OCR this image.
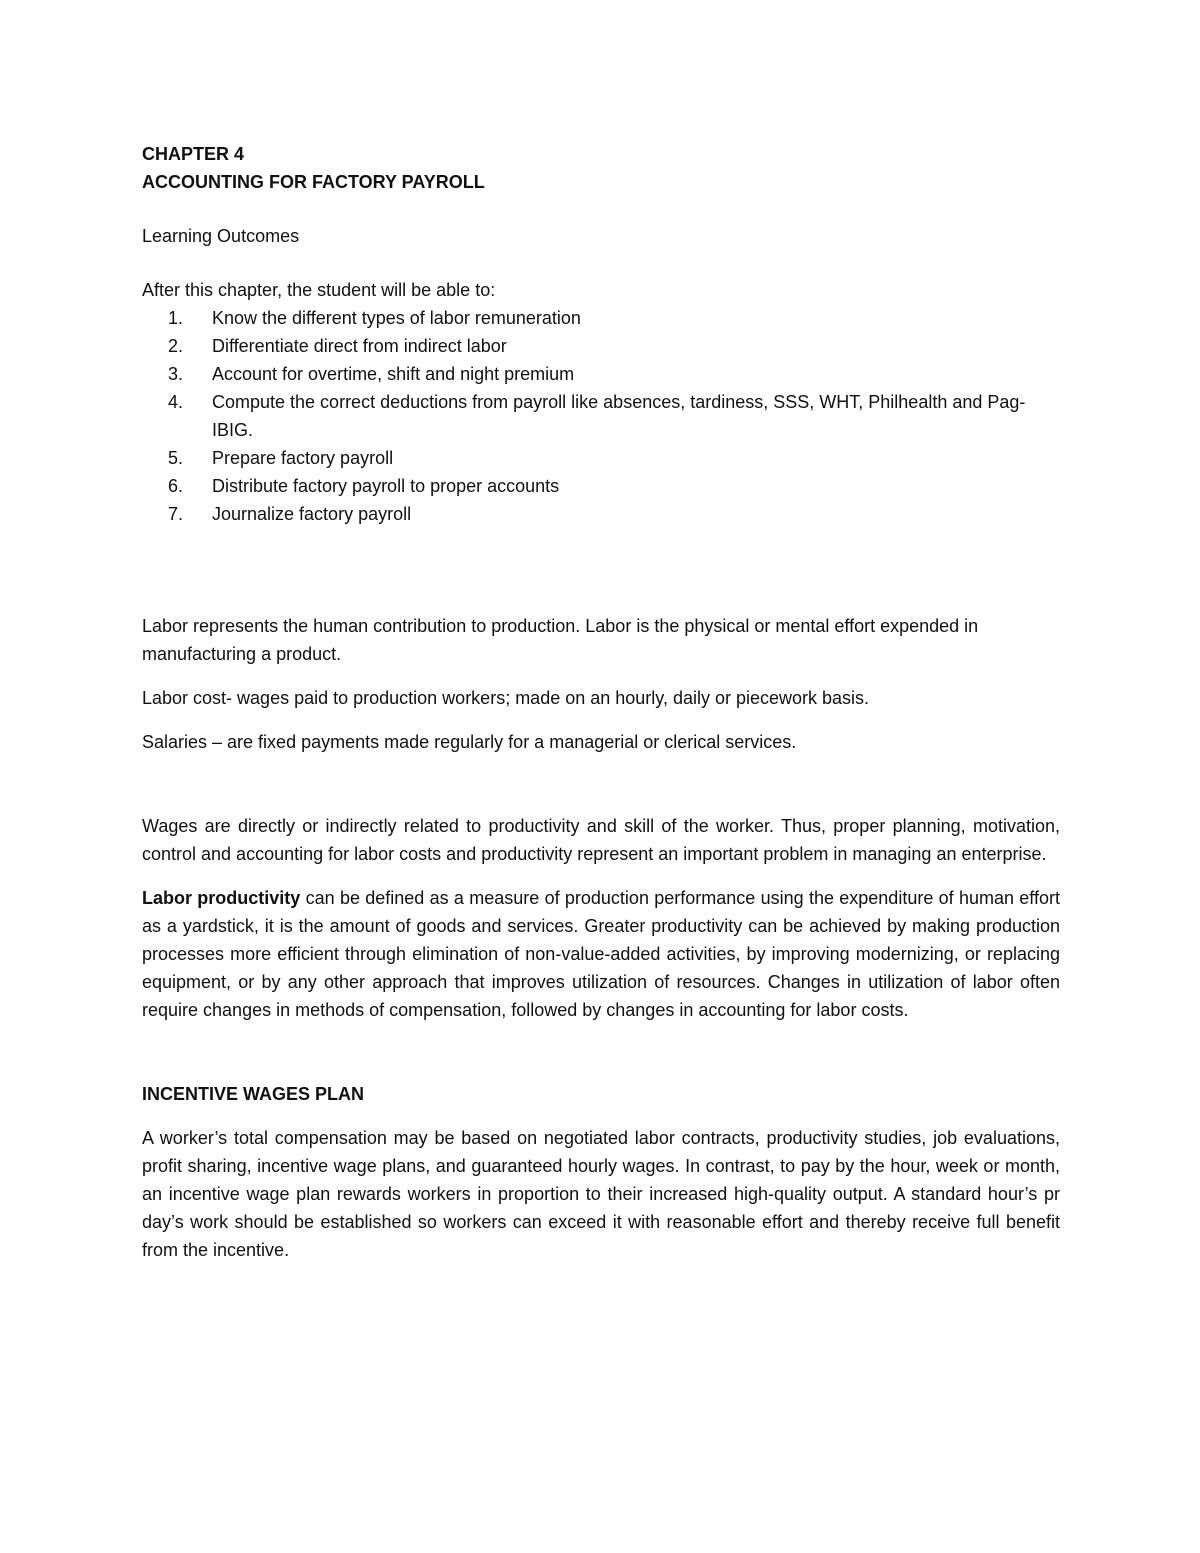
CHAPTER 4

ACCOUNTING FOR FACTORY PAYROLL

Learning Outcomes

After this chapter, the student will be able to:

1.	Know the different types of labor remuneration
2.	Differentiate direct from indirect labor
3.	Account for overtime, shift and night premium
4.	Compute the correct deductions from payroll like absences, tardiness, SSS, WHT, Philhealth and Pag-IBIG.
5.	Prepare factory payroll
6.	Distribute factory payroll to proper accounts
7.	Journalize factory payroll

Labor represents the human contribution to production. Labor is the physical or mental effort expended in manufacturing a product.

Labor cost- wages paid to production workers; made on an hourly, daily or piecework basis.

Salaries – are fixed payments made regularly for a managerial or clerical services.

Wages are directly or indirectly related to productivity and skill of the worker. Thus, proper planning, motivation, control and accounting for labor costs and productivity represent an important problem in managing an enterprise.

Labor productivity can be defined as a measure of production performance using the expenditure of human effort as a yardstick, it is the amount of goods and services. Greater productivity can be achieved by making production processes more efficient through elimination of non-value-added activities, by improving modernizing, or replacing equipment, or by any other approach that improves utilization of resources. Changes in utilization of labor often require changes in methods of compensation, followed by changes in accounting for labor costs.

INCENTIVE WAGES PLAN

A worker’s total compensation may be based on negotiated labor contracts, productivity studies, job evaluations, profit sharing, incentive wage plans, and guaranteed hourly wages. In contrast, to pay by the hour, week or month, an incentive wage plan rewards workers in proportion to their increased high-quality output. A standard hour’s pr day’s work should be established so workers can exceed it with reasonable effort and thereby receive full benefit from the incentive.
